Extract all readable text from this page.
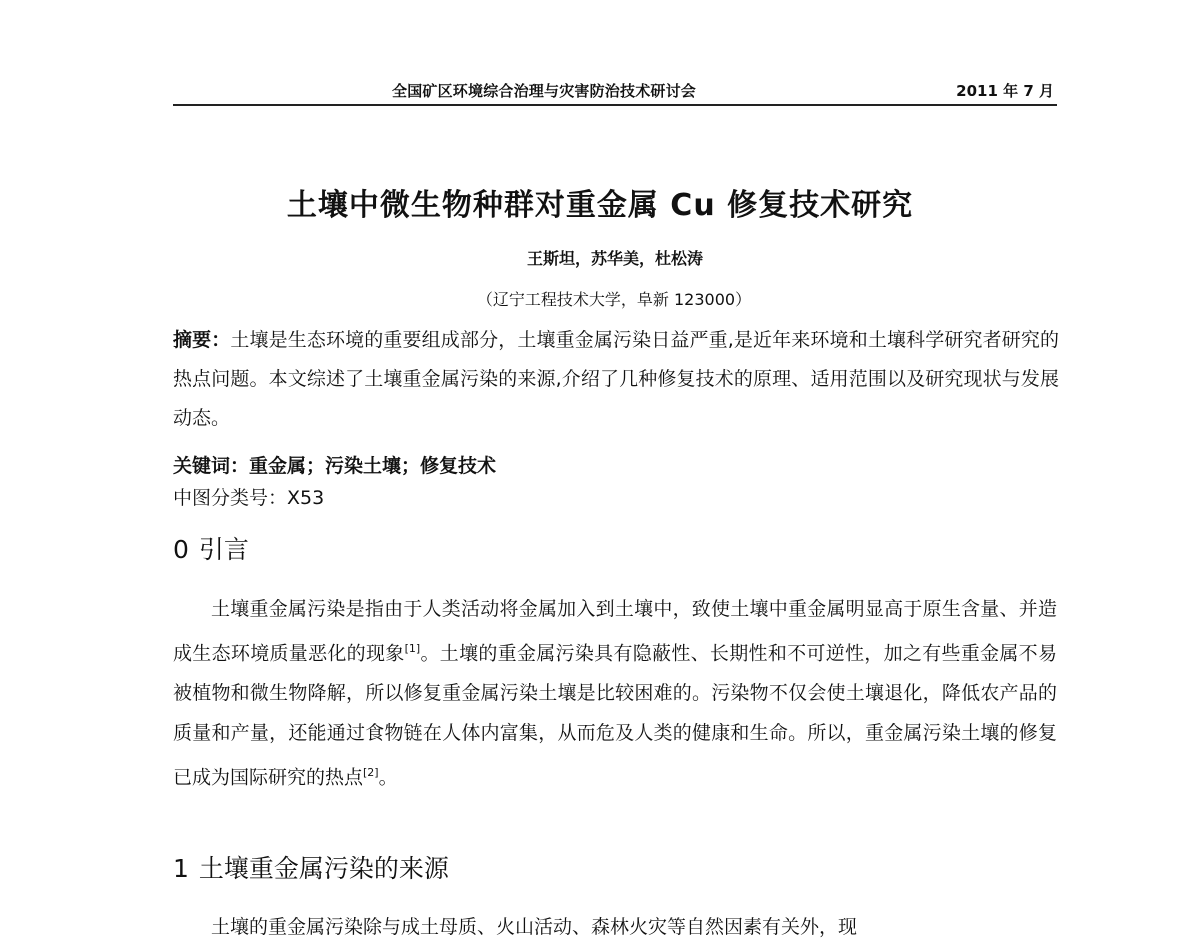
全国矿区环境综合治理与灾害防治技术研讨会	2011 年 7 月
土壤中微生物种群对重金属 Cu 修复技术研究
王斯坦，苏华美，杜松涛
（辽宁工程技术大学，阜新 123000）

摘要：土壤是生态环境的重要组成部分，土壤重金属污染日益严重,是近年来环境和土壤科学研究者研究的热点问题。本文综述了土壤重金属污染的来源,介绍了几种修复技术的原理、适用范围以及研究现状与发展动态。

关键词：重金属；污染土壤；修复技术
中图分类号：X53
0 引言

土壤重金属污染是指由于人类活动将金属加入到土壤中，致使土壤中重金属明显高于原生含量、并造成生态环境质量恶化的现象[1]。土壤的重金属污染具有隐蔽性、长期性和不可逆性，加之有些重金属不易被植物和微生物降解，所以修复重金属污染土壤是比较困难的。污染物不仅会使土壤退化，降低农产品的质量和产量，还能通过食物链在人体内富集，从而危及人类的健康和生命。所以，重金属污染土壤的修复已成为国际研究的热点[2]。

1 土壤重金属污染的来源

土壤的重金属污染除与成土母质、火山活动、森林火灾等自然因素有关外，现
